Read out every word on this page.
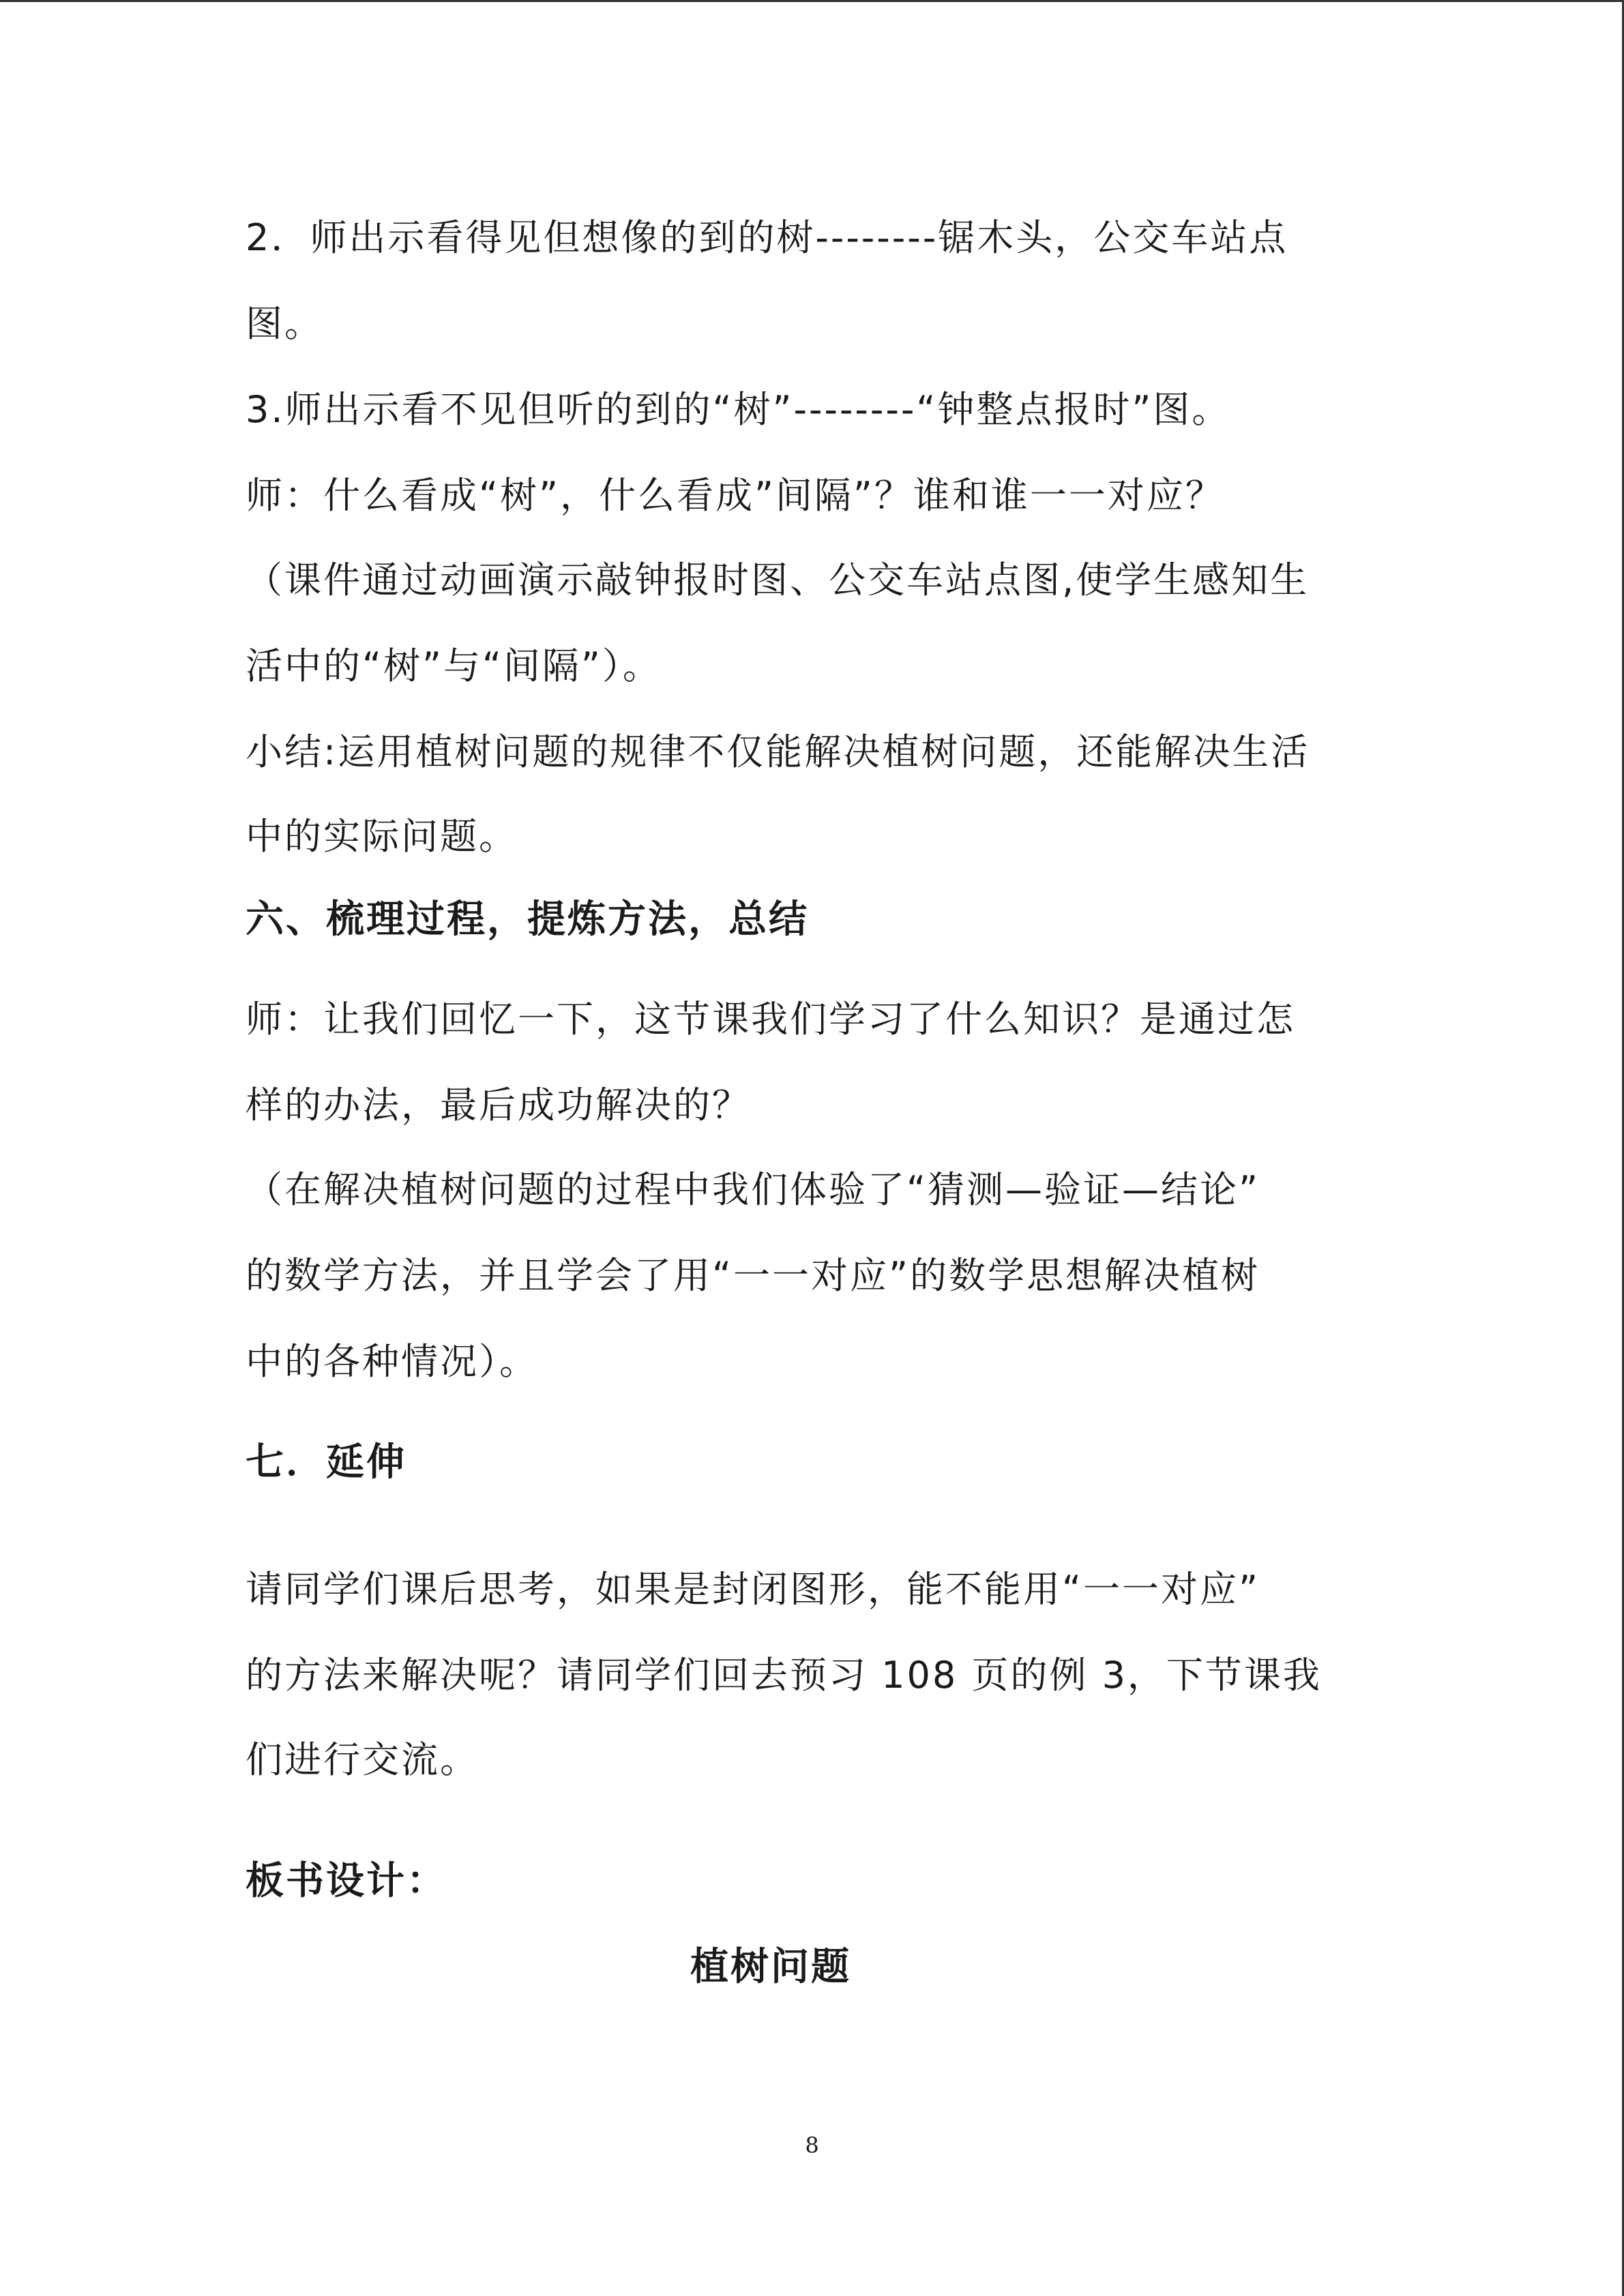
2．师出示看得见但想像的到的树--------锯木头，公交车站点
图。
3.师出示看不见但听的到的“树”--------“钟整点报时”图。
师：什么看成“树”，什么看成”间隔”？谁和谁一一对应？
（课件通过动画演示敲钟报时图、公交车站点图,使学生感知生
活中的“树”与“间隔”）。
小结:运用植树问题的规律不仅能解决植树问题，还能解决生活
中的实际问题。
六、梳理过程，提炼方法，总结
师：让我们回忆一下，这节课我们学习了什么知识？是通过怎
样的办法，最后成功解决的？
（在解决植树问题的过程中我们体验了“猜测—验证—结论”
的数学方法，并且学会了用“一一对应”的数学思想解决植树
中的各种情况）。
七．延伸
请同学们课后思考，如果是封闭图形，能不能用“一一对应”
的方法来解决呢？请同学们回去预习 108 页的例 3，下节课我
们进行交流。
板书设计：
植树问题
8
